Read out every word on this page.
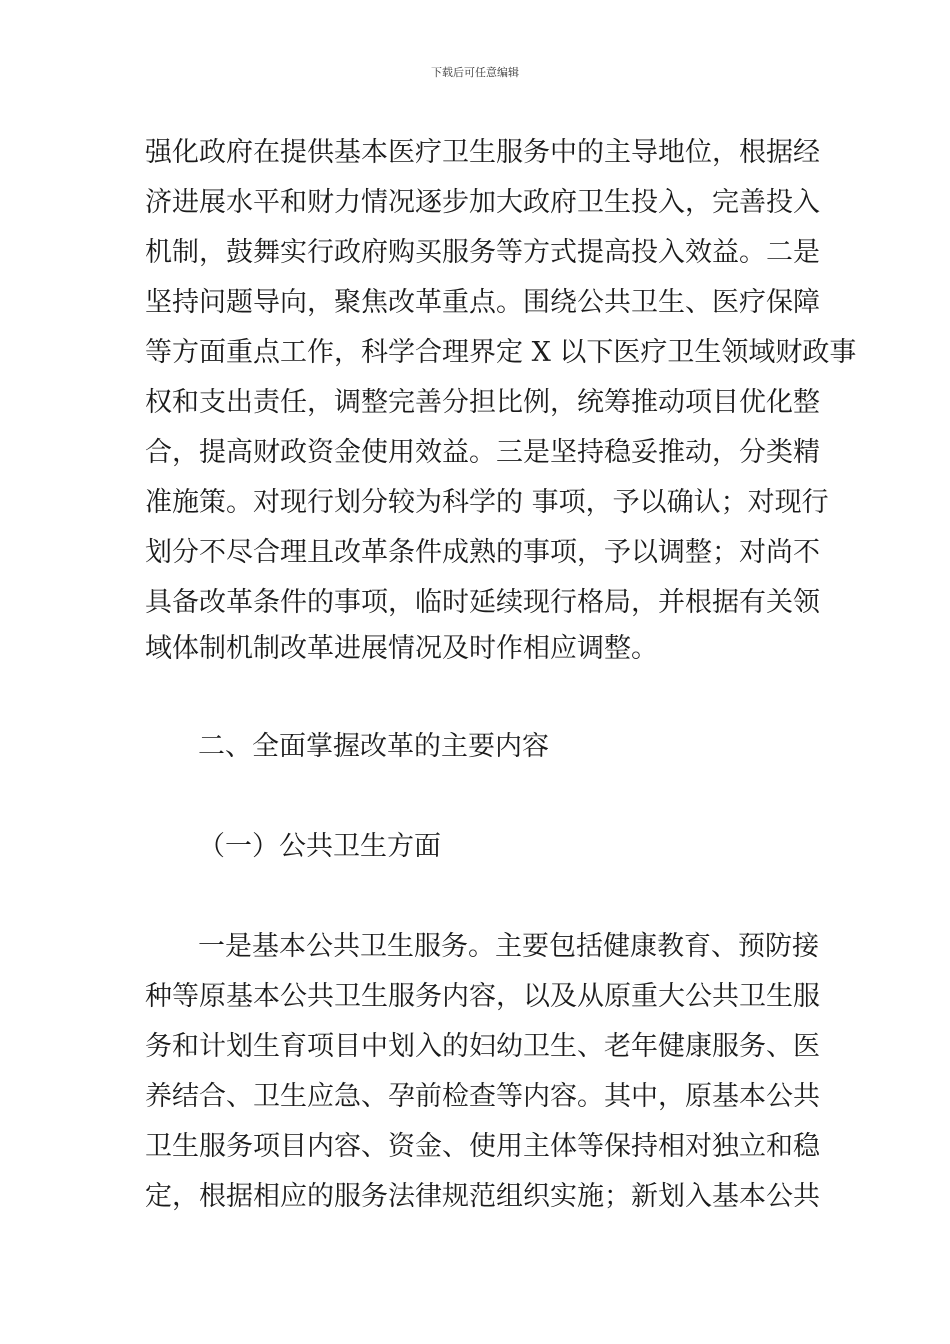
下载后可任意编辑
强化政府在提供基本医疗卫生服务中的主导地位，根据经
济进展水平和财力情况逐步加大政府卫生投入，完善投入
机制，鼓舞实行政府购买服务等方式提高投入效益。二是
坚持问题导向，聚焦改革重点。围绕公共卫生、医疗保障
等方面重点工作，科学合理界定 X 以下医疗卫生领域财政事
权和支出责任，调整完善分担比例，统筹推动项目优化整
合，提高财政资金使用效益。三是坚持稳妥推动，分类精
准施策。对现行划分较为科学的 事项，予以确认；对现行
划分不尽合理且改革条件成熟的事项，予以调整；对尚不
具备改革条件的事项，临时延续现行格局，并根据有关领
域体制机制改革进展情况及时作相应调整。
二、全面掌握改革的主要内容
（一）公共卫生方面
一是基本公共卫生服务。主要包括健康教育、预防接
种等原基本公共卫生服务内容，以及从原重大公共卫生服
务和计划生育项目中划入的妇幼卫生、老年健康服务、医
养结合、卫生应急、孕前检查等内容。其中，原基本公共
卫生服务项目内容、资金、使用主体等保持相对独立和稳
定，根据相应的服务法律规范组织实施；新划入基本公共
